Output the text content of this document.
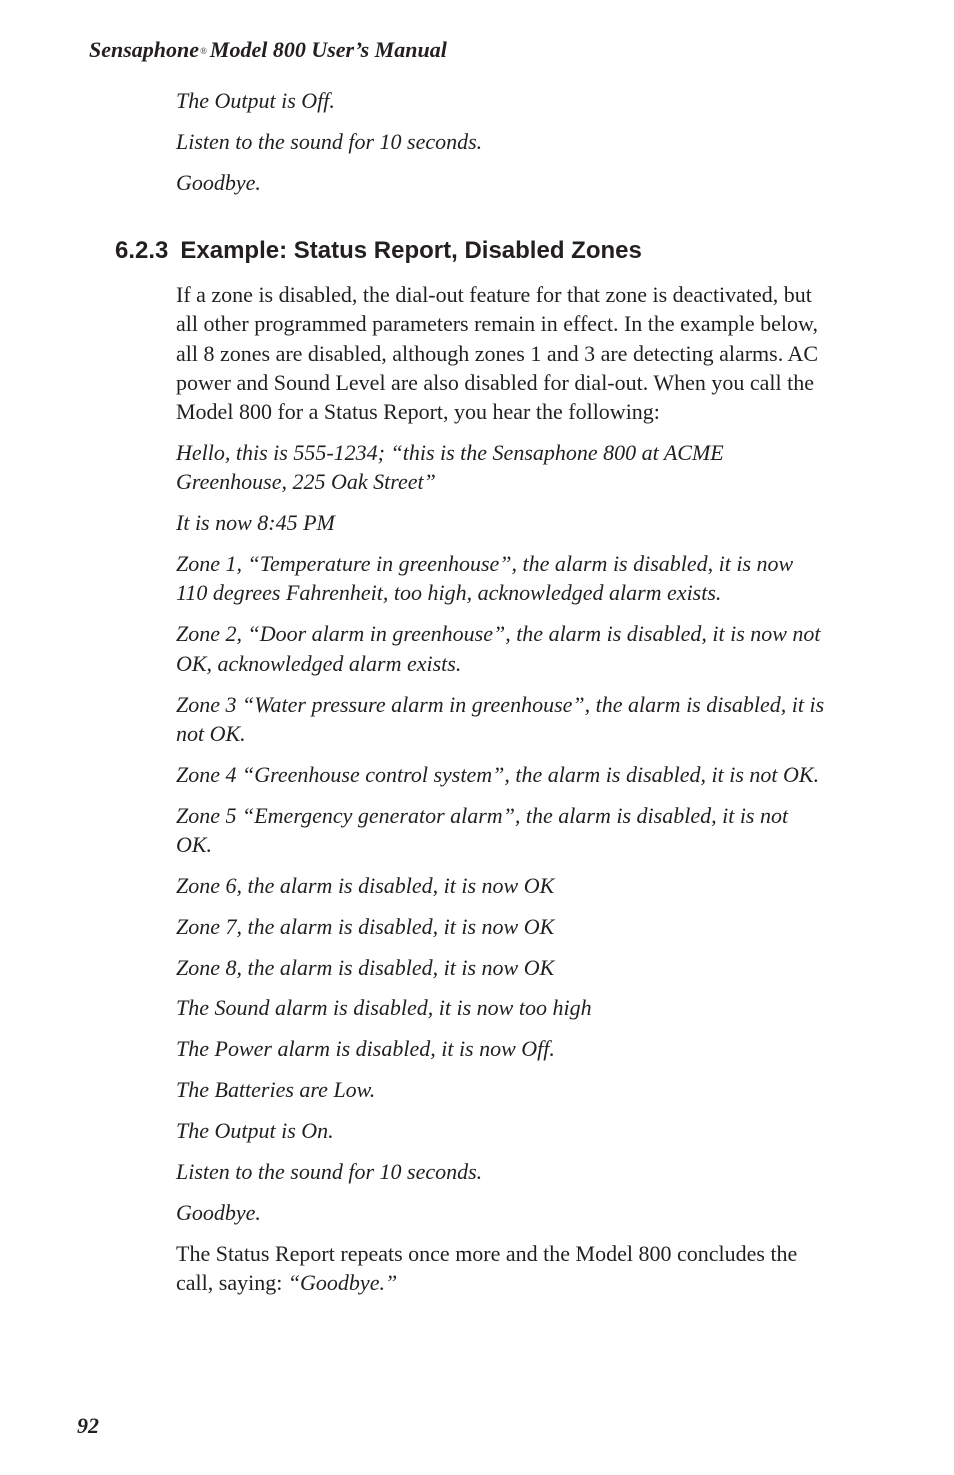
Sensaphone® Model 800 User’s Manual

The Output is Off.

Listen to the sound for 10 seconds.

Goodbye.

6.2.3 Example: Status Report, Disabled Zones

If a zone is disabled, the dial-out feature for that zone is deactivated, but all other programmed parameters remain in effect. In the example below, all 8 zones are disabled, although zones 1 and 3 are detecting alarms. AC power and Sound Level are also disabled for dial-out. When you call the Model 800 for a Status Report, you hear the following:

Hello, this is 555-1234; “this is the Sensaphone 800 at ACME Greenhouse, 225 Oak Street”

It is now 8:45 PM

Zone 1, “Temperature in greenhouse”, the alarm is disabled, it is now 110 degrees Fahrenheit, too high, acknowledged alarm exists.

Zone 2, “Door alarm in greenhouse”, the alarm is disabled, it is now not OK, acknowledged alarm exists.

Zone 3 “Water pressure alarm in greenhouse”, the alarm is disabled, it is not OK.

Zone 4 “Greenhouse control system”, the alarm is disabled, it is not OK.

Zone 5 “Emergency generator alarm”, the alarm is disabled, it is not OK.

Zone 6, the alarm is disabled, it is now OK

Zone 7, the alarm is disabled, it is now OK

Zone 8, the alarm is disabled, it is now OK

The Sound alarm is disabled, it is now too high

The Power alarm is disabled, it is now Off.

The Batteries are Low.

The Output is On.

Listen to the sound for 10 seconds.

Goodbye.

The Status Report repeats once more and the Model 800 concludes the call, saying: “Goodbye.”

92
